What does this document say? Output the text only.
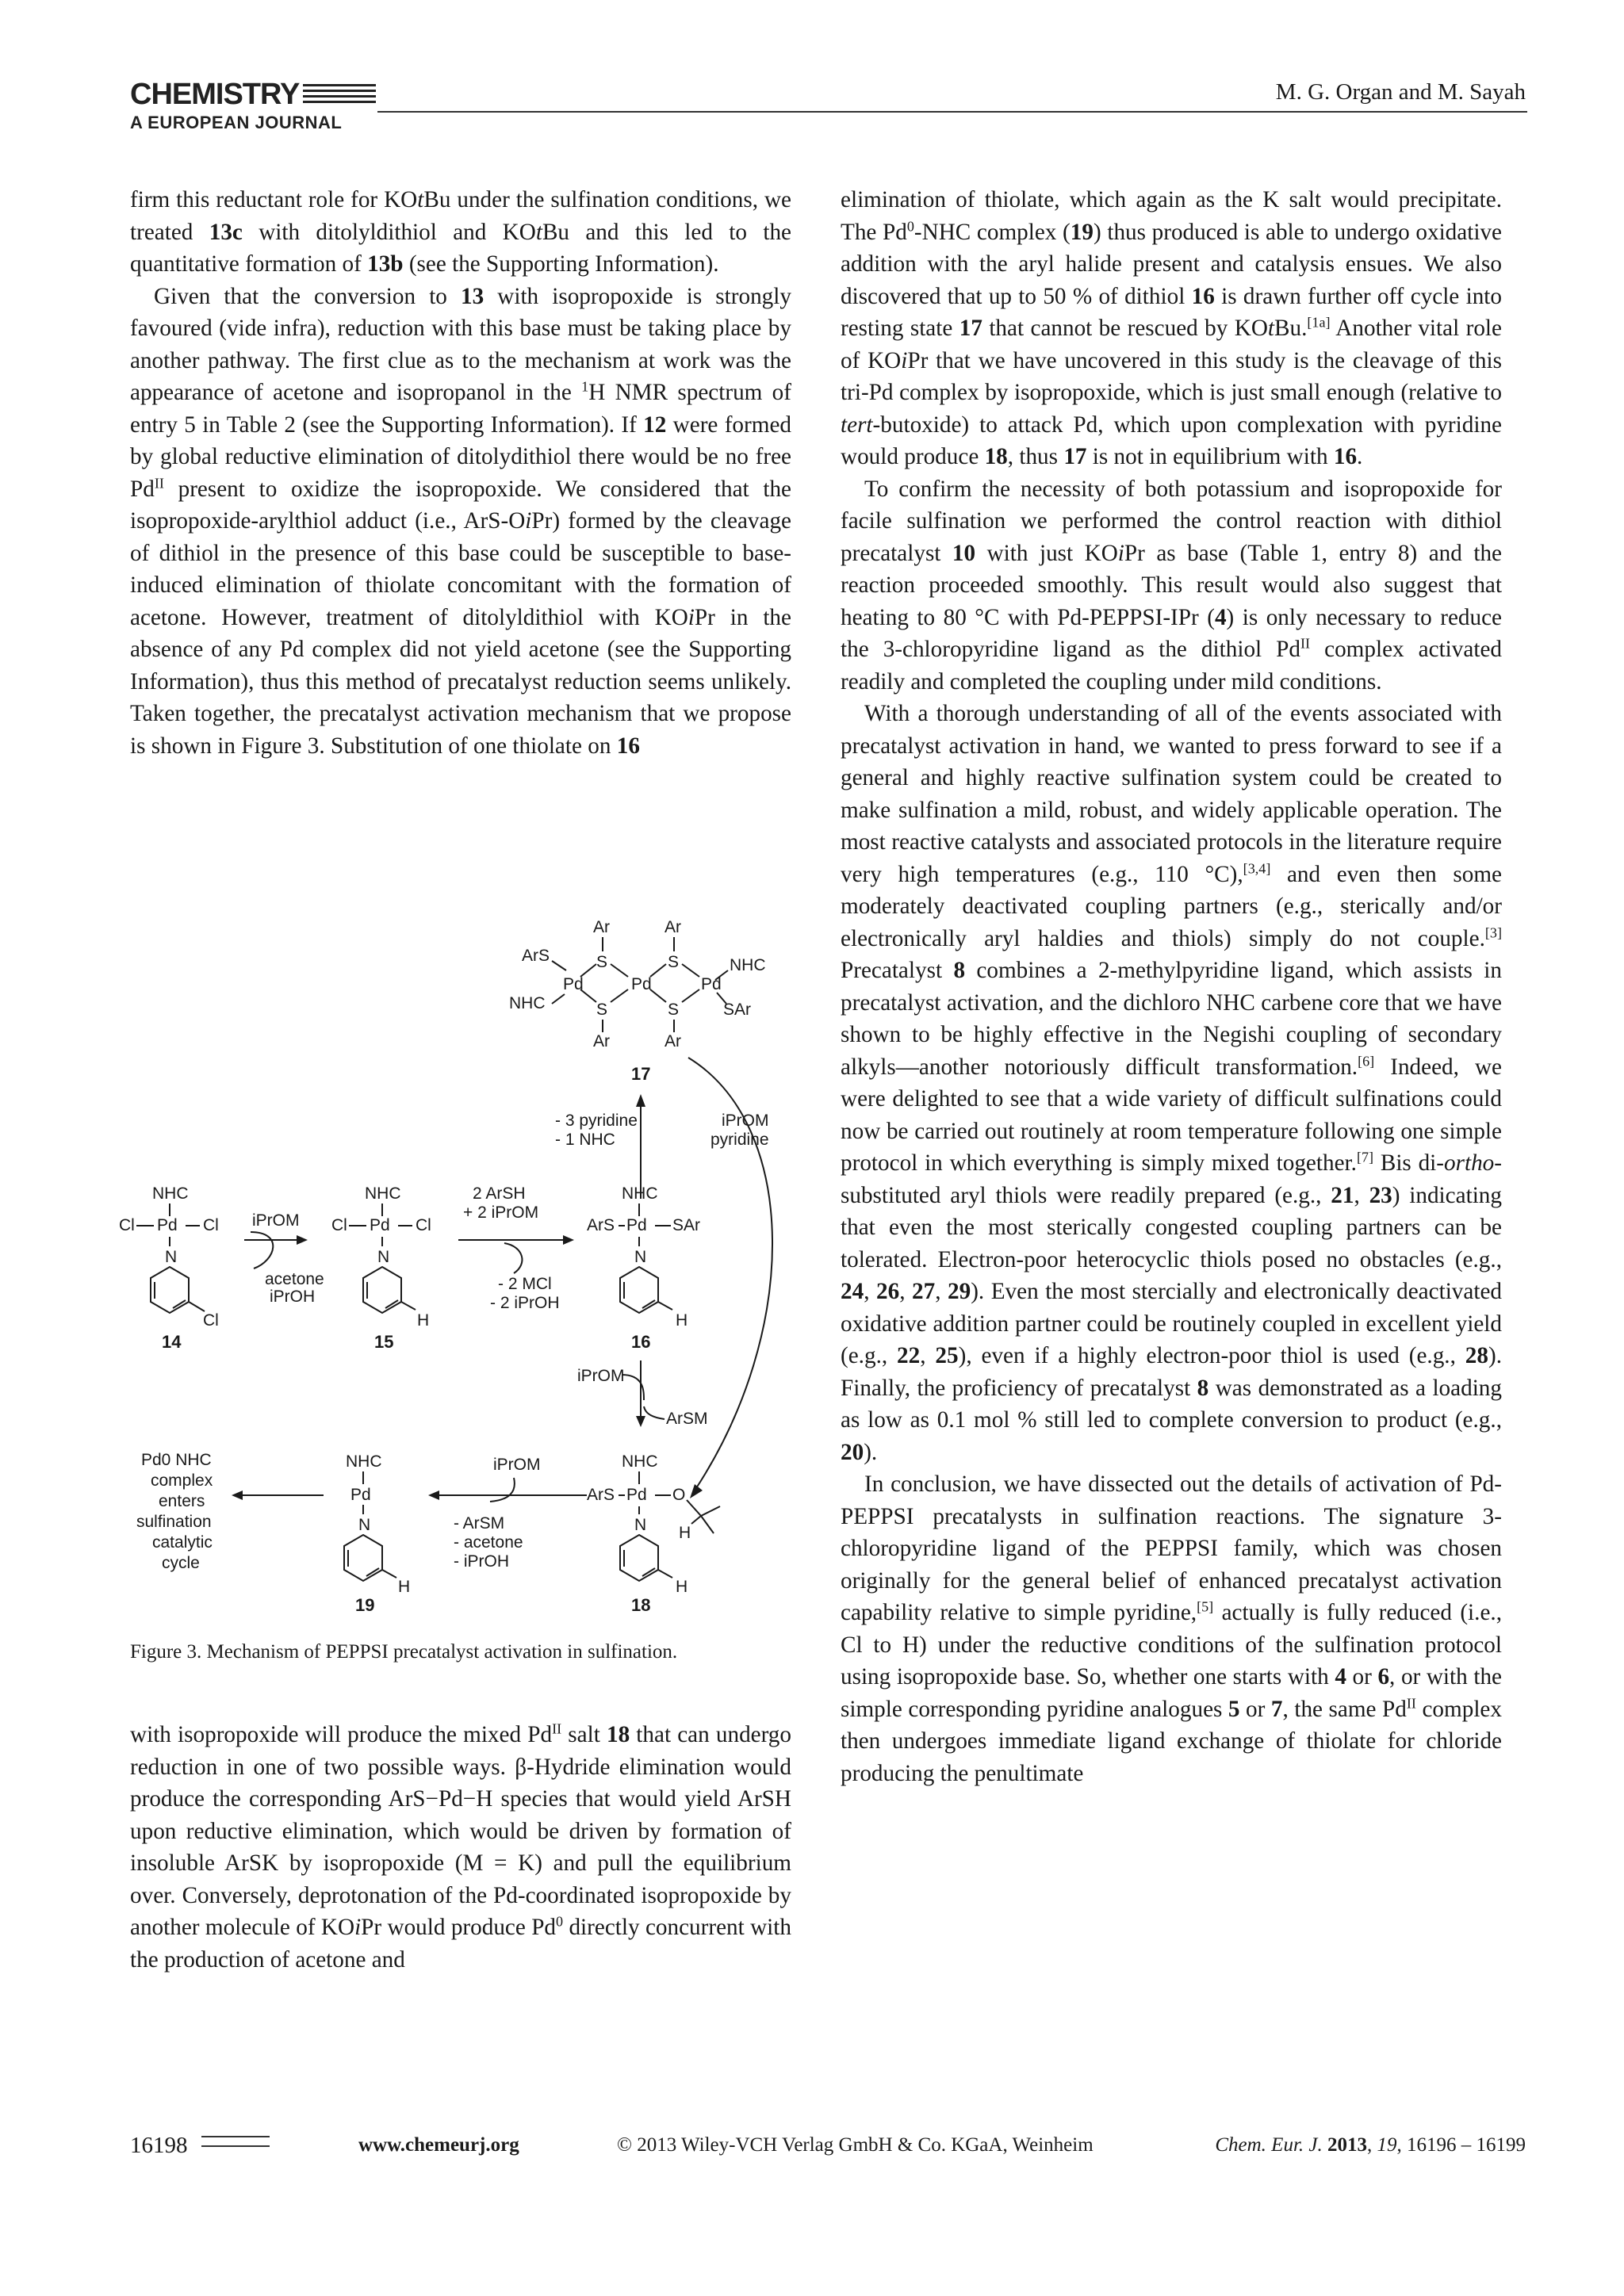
CHEMISTRY
A EUROPEAN JOURNAL
M. G. Organ and M. Sayah

firm this reductant role for KOtBu under the sulfination conditions, we treated 13c with ditolyldithiol and KOtBu and this led to the quantitative formation of 13b (see the Supporting Information).

Given that the conversion to 13 with isopropoxide is strongly favoured (vide infra), reduction with this base must be taking place by another pathway. The first clue as to the mechanism at work was the appearance of acetone and isopropanol in the $^1$H NMR spectrum of entry 5 in Table 2 (see the Supporting Information). If 12 were formed by global reductive elimination of ditolydithiol there would be no free $Pd^{II}$ present to oxidize the isopropoxide. We considered that the isopropoxide-arylthiol adduct (i.e., ArS-OiPr) formed by the cleavage of dithiol in the presence of this base could be susceptible to base-induced elimination of thiolate concomitant with the formation of acetone. However, treatment of ditolyldithiol with KOiPr in the absence of any Pd complex did not yield acetone (see the Supporting Information), thus this method of precatalyst reduction seems unlikely. Taken together, the precatalyst activation mechanism that we propose is shown in Figure 3. Substitution of one thiolate on 16

Ar	Ar
S	S
ArS
Pd	Pd	Pd
S	S
Ar	Ar
NHC
NHC
SAr
17
- 3 pyridine
- 1 NHC
iPrOM
pyridine
NHC
Cl Pd Cl
N
Cl
14
iPrOM
acetone
iPrOH
NHC
Cl Pd Cl
N
H
15
2 ArSH
+ 2 iPrOM
- 2 MCl
- 2 iPrOH
NHC
ArS Pd SAr
N
H
16
iPrOM
ArSM
Pd0 NHC
complex
enters
sulfination
catalytic
cycle
NHC
Pd
N
H
19
iPrOM
- ArSM
- acetone
- iPrOH
NHC
ArS Pd O
H
N
H
18
Figure 3. Mechanism of PEPPSI precatalyst activation in sulfination.

with isopropoxide will produce the mixed $Pd^{II}$ salt 18 that can undergo reduction in one of two possible ways. β-Hydride elimination would produce the corresponding ArS−Pd−H species that would yield ArSH upon reductive elimination, which would be driven by formation of insoluble ArSK by isopropoxide (M = K) and pull the equilibrium over. Conversely, deprotonation of the Pd-coordinated isopropoxide by another molecule of KOiPr would produce Pd$^0$ directly concurrent with the production of acetone and

elimination of thiolate, which again as the K salt would precipitate. The Pd$^0$-NHC complex (19) thus produced is able to undergo oxidative addition with the aryl halide present and catalysis ensues. We also discovered that up to 50 % of dithiol 16 is drawn further off cycle into resting state 17 that cannot be rescued by KOtBu.[1a] Another vital role of KOiPr that we have uncovered in this study is the cleavage of this tri-Pd complex by isopropoxide, which is just small enough (relative to tert-butoxide) to attack Pd, which upon complexation with pyridine would produce 18, thus 17 is not in equilibrium with 16.

To confirm the necessity of both potassium and isopropoxide for facile sulfination we performed the control reaction with dithiol precatalyst 10 with just KOiPr as base (Table 1, entry 8) and the reaction proceeded smoothly. This result would also suggest that heating to 80 °C with Pd-PEPPSI-IPr (4) is only necessary to reduce the 3-chloropyridine ligand as the dithiol $Pd^{II}$ complex activated readily and completed the coupling under mild conditions.

With a thorough understanding of all of the events associated with precatalyst activation in hand, we wanted to press forward to see if a general and highly reactive sulfination system could be created to make sulfination a mild, robust, and widely applicable operation. The most reactive catalysts and associated protocols in the literature require very high temperatures (e.g., 110 °C),[3,4] and even then some moderately deactivated coupling partners (e.g., sterically and/or electronically aryl haldies and thiols) simply do not couple.[3] Precatalyst 8 combines a 2-methylpyridine ligand, which assists in precatalyst activation, and the dichloro NHC carbene core that we have shown to be highly effective in the Negishi coupling of secondary alkyls—another notoriously difficult transformation.[6] Indeed, we were delighted to see that a wide variety of difficult sulfinations could now be carried out routinely at room temperature following one simple protocol in which everything is simply mixed together.[7] Bis di-ortho-substituted aryl thiols were readily prepared (e.g., 21, 23) indicating that even the most sterically congested coupling partners can be tolerated. Electron-poor heterocyclic thiols posed no obstacles (e.g., 24, 26, 27, 29). Even the most stercially and electronically deactivated oxidative addition partner could be routinely coupled in excellent yield (e.g., 22, 25), even if a highly electron-poor thiol is used (e.g., 28). Finally, the proficiency of precatalyst 8 was demonstrated as a loading as low as 0.1 mol % still led to complete conversion to product (e.g., 20).

In conclusion, we have dissected out the details of activation of Pd-PEPPSI precatalysts in sulfination reactions. The signature 3-chloropyridine ligand of the PEPPSI family, which was chosen originally for the general belief of enhanced precatalyst activation capability relative to simple pyridine,[5] actually is fully reduced (i.e., Cl to H) under the reductive conditions of the sulfination protocol using isopropoxide base. So, whether one starts with 4 or 6, or with the simple corresponding pyridine analogues 5 or 7, the same $Pd^{II}$ complex then undergoes immediate ligand exchange of thiolate for chloride producing the penultimate

16198	www.chemeurj.org	© 2013 Wiley-VCH Verlag GmbH & Co. KGaA, Weinheim	Chem. Eur. J. 2013, 19, 16196 – 16199
